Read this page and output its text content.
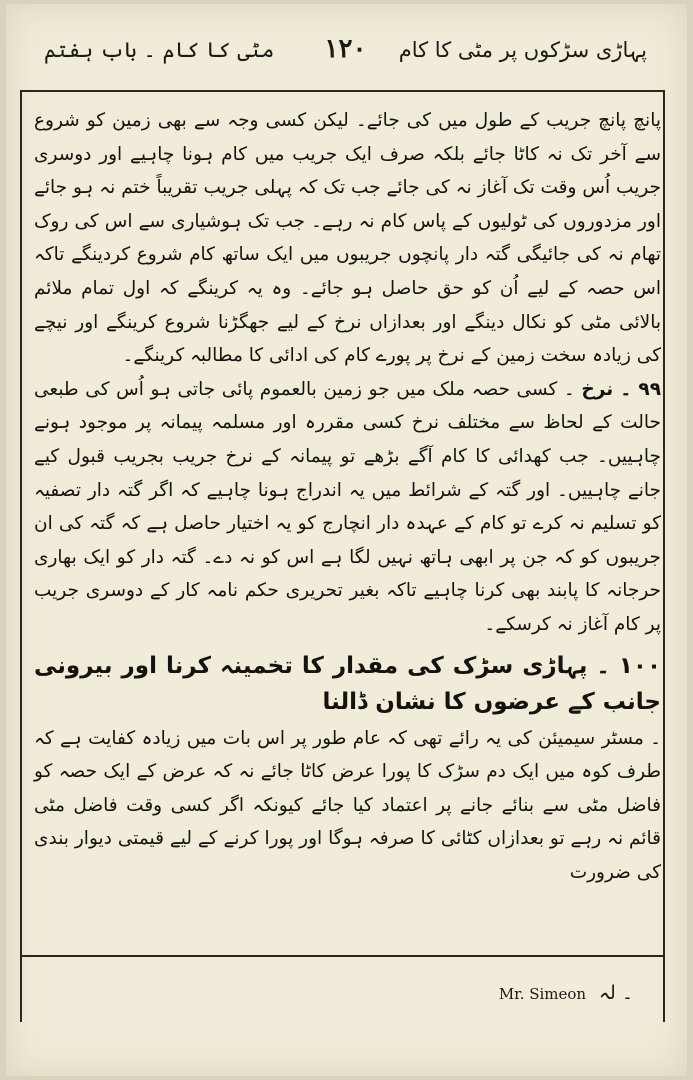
مٹی کا کام ۔ باب ہفتم	۱۲۰	پہاڑی سڑکوں پر مٹی کا کام

پانچ پانچ جریب کے طول میں کی جائے۔ لیکن کسی وجہ سے بھی زمین کو شروع سے آخر تک نہ کاٹا جائے بلکہ صرف ایک جریب میں کام ہونا چاہیے اور دوسری جریب اُس وقت تک آغاز نہ کی جائے جب تک کہ پہلی جریب تقریباً ختم نہ ہو جائے اور مزدوروں کی ٹولیوں کے پاس کام نہ رہے۔ جب تک ہوشیاری سے اس کی روک تھام نہ کی جائیگی گتہ دار پانچوں جریبوں میں ایک ساتھ کام شروع کردینگے تاکہ اس حصہ کے لیے اُن کو حق حاصل ہو جائے۔ وہ یہ کرینگے کہ اول تمام ملائم بالائی مٹی کو نکال دینگے اور بعدازاں نرخ کے لیے جھگڑنا شروع کرینگے اور نیچے کی زیادہ سخت زمین کے نرخ پر پورے کام کی ادائی کا مطالبہ کرینگے۔

۹۹ ۔ نرخ ۔ کسی حصہ ملک میں جو زمین بالعموم پائی جاتی ہو اُس کی طبعی حالت کے لحاظ سے مختلف نرخ کسی مقررہ اور مسلمہ پیمانہ پر موجود ہونے چاہییں۔ جب کھدائی کا کام آگے بڑھے تو پیمانہ کے نرخ جریب بجریب قبول کیے جانے چاہییں۔ اور گتہ کے شرائط میں یہ اندراج ہونا چاہیے کہ اگر گتہ دار تصفیہ کو تسلیم نہ کرے تو کام کے عہدہ دار انچارج کو یہ اختیار حاصل ہے کہ گتہ کی ان جریبوں کو کہ جن پر ابھی ہاتھ نہیں لگا ہے اس کو نہ دے۔ گتہ دار کو ایک بھاری حرجانہ کا پابند بھی کرنا چاہیے تاکہ بغیر تحریری حکم نامہ کار کے دوسری جریب پر کام آغاز نہ کرسکے۔

۱۰۰ ۔ پہاڑی سڑک کی مقدار کا تخمینہ کرنا اور بیرونی جانب کے عرضوں کا نشان ڈالنا

۔ مسٹر سیمیئن کی یہ رائے تھی کہ عام طور پر اس بات میں زیادہ کفایت ہے کہ طرف کوہ میں ایک دم سڑک کا پورا عرض کاٹا جائے نہ کہ عرض کے ایک حصہ کو فاضل مٹی سے بنائے جانے پر اعتماد کیا جائے کیونکہ اگر کسی وقت فاضل مٹی قائم نہ رہے تو بعدازاں کٹائی کا صرفہ ہوگا اور پورا کرنے کے لیے قیمتی دیوار بندی کی ضرورت

Mr. Simeon ۔ لہ
